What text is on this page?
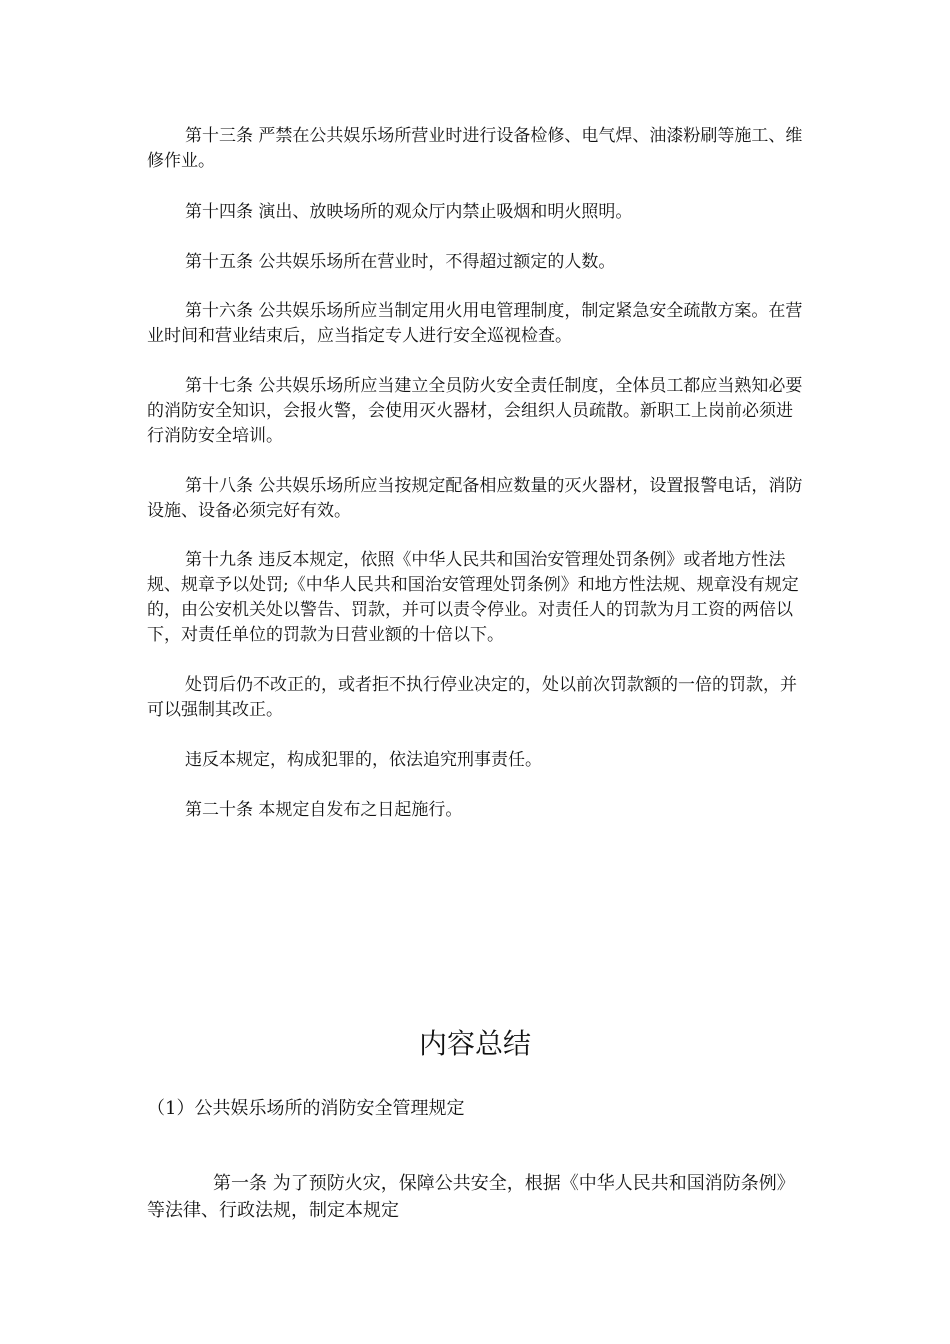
第十三条 严禁在公共娱乐场所营业时进行设备检修、电气焊、油漆粉刷等施工、维修作业。

第十四条 演出、放映场所的观众厅内禁止吸烟和明火照明。

第十五条 公共娱乐场所在营业时，不得超过额定的人数。

第十六条 公共娱乐场所应当制定用火用电管理制度，制定紧急安全疏散方案。在营业时间和营业结束后，应当指定专人进行安全巡视检查。

第十七条 公共娱乐场所应当建立全员防火安全责任制度，全体员工都应当熟知必要的消防安全知识，会报火警，会使用灭火器材，会组织人员疏散。新职工上岗前必须进行消防安全培训。

第十八条 公共娱乐场所应当按规定配备相应数量的灭火器材，设置报警电话，消防设施、设备必须完好有效。

第十九条 违反本规定，依照《中华人民共和国治安管理处罚条例》或者地方性法规、规章予以处罚;《中华人民共和国治安管理处罚条例》和地方性法规、规章没有规定的，由公安机关处以警告、罚款，并可以责令停业。对责任人的罚款为月工资的两倍以下，对责任单位的罚款为日营业额的十倍以下。

处罚后仍不改正的，或者拒不执行停业决定的，处以前次罚款额的一倍的罚款，并可以强制其改正。

违反本规定，构成犯罪的，依法追究刑事责任。

第二十条 本规定自发布之日起施行。

内容总结

（1）公共娱乐场所的消防安全管理规定

第一条 为了预防火灾，保障公共安全，根据《中华人民共和国消防条例》等法律、行政法规，制定本规定
